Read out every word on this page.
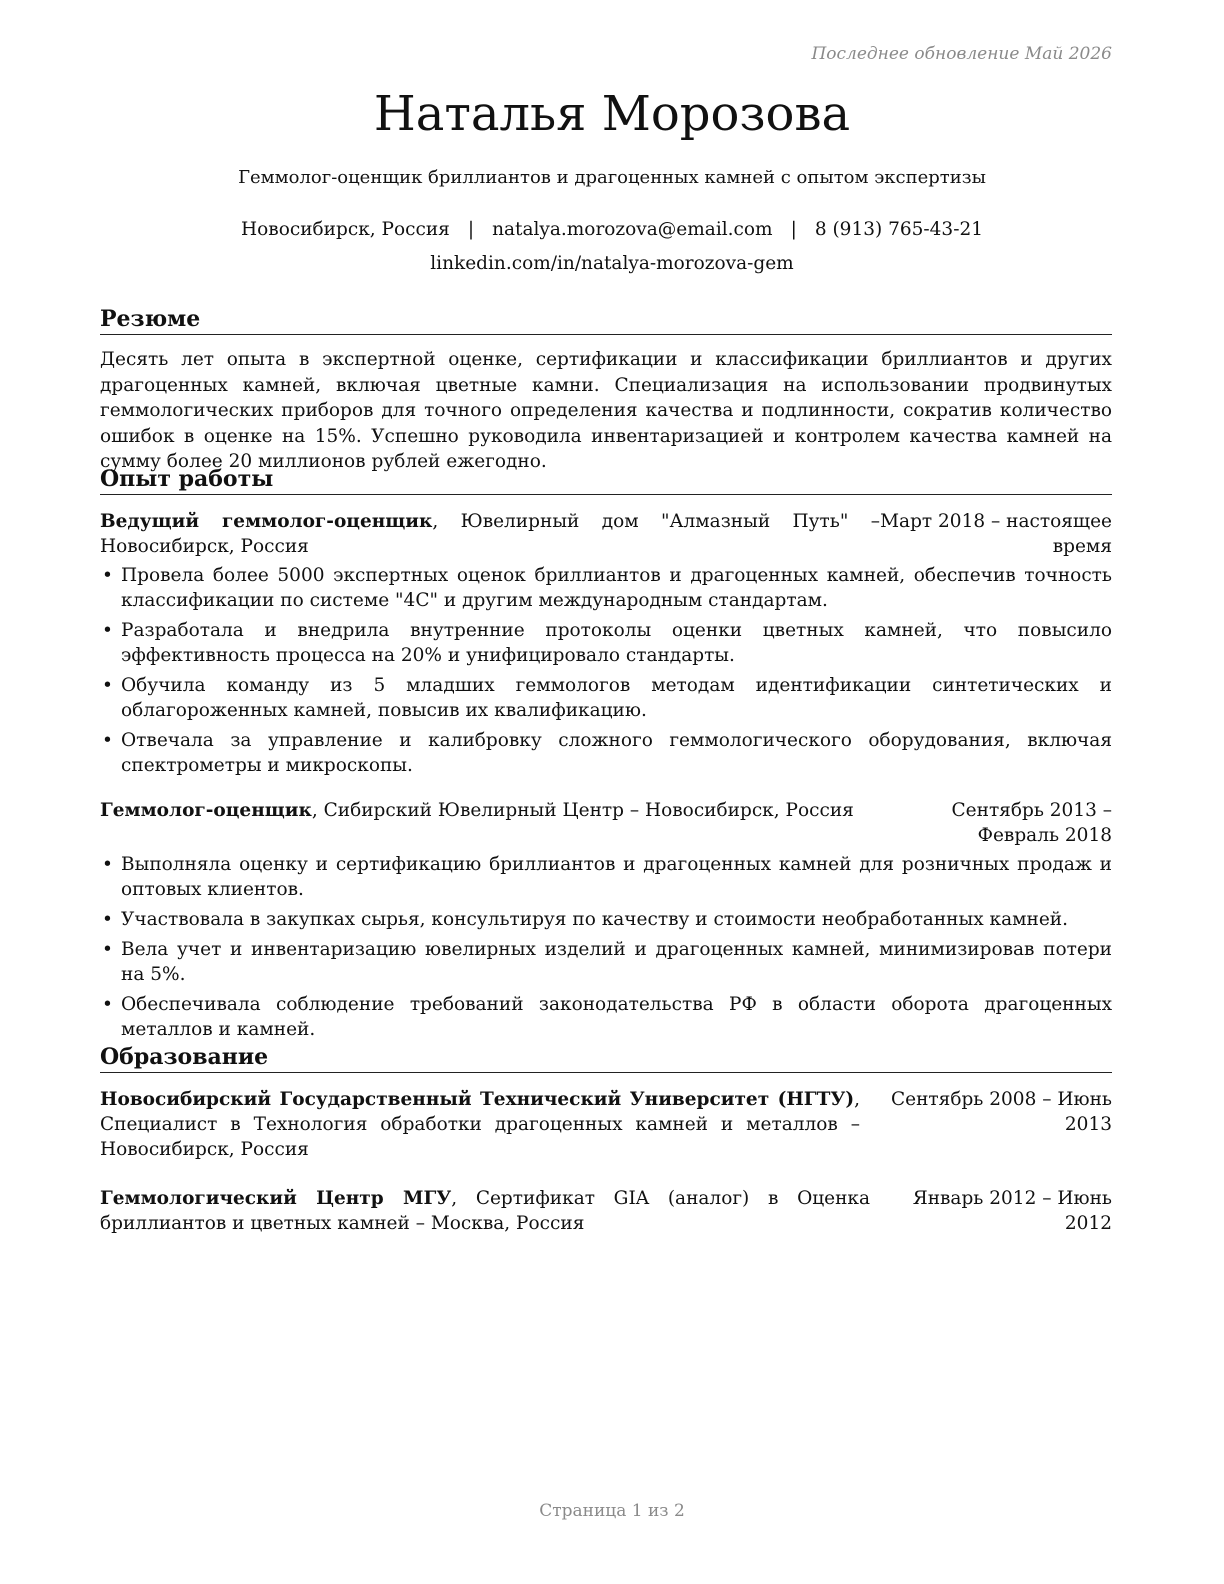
Последнее обновление Май 2026
Наталья Морозова
Геммолог-оценщик бриллиантов и драгоценных камней с опытом экспертизы
Новосибирск, Россия | natalya.morozova@email.com | 8 (913) 765-43-21
linkedin.com/in/natalya-morozova-gem
Резюме
Десять лет опыта в экспертной оценке, сертификации и классификации бриллиантов и других драгоценных камней, включая цветные камни. Специализация на использовании продвинутых геммологических приборов для точного определения качества и подлинности, сократив количество ошибок в оценке на 15%. Успешно руководила инвентаризацией и контролем качества камней на сумму более 20 миллионов рублей ежегодно.
Опыт работы
Ведущий геммолог-оценщик, Ювелирный дом "Алмазный Путь" – Новосибирск, Россия
Март 2018 – настоящее время
• Провела более 5000 экспертных оценок бриллиантов и драгоценных камней, обеспечив точность классификации по системе "4C" и другим международным стандартам.
• Разработала и внедрила внутренние протоколы оценки цветных камней, что повысило эффективность процесса на 20% и унифицировало стандарты.
• Обучила команду из 5 младших геммологов методам идентификации синтетических и облагороженных камней, повысив их квалификацию.
• Отвечала за управление и калибровку сложного геммологического оборудования, включая спектрометры и микроскопы.
Геммолог-оценщик, Сибирский Ювелирный Центр – Новосибирск, Россия	Сентябрь 2013 – Февраль 2018
• Выполняла оценку и сертификацию бриллиантов и драгоценных камней для розничных продаж и оптовых клиентов.
• Участвовала в закупках сырья, консультируя по качеству и стоимости необработанных камней.
• Вела учет и инвентаризацию ювелирных изделий и драгоценных камней, минимизировав потери на 5%.
• Обеспечивала соблюдение требований законодательства РФ в области оборота драгоценных металлов и камней.
Образование
Новосибирский Государственный Технический Университет (НГТУ), Специалист в Технология обработки драгоценных камней и металлов – Новосибирск, Россия
Сентябрь 2008 – Июнь 2013
Геммологический Центр МГУ, Сертификат GIA (аналог) в Оценка бриллиантов и цветных камней – Москва, Россия
Январь 2012 – Июнь 2012
Страница 1 из 2
